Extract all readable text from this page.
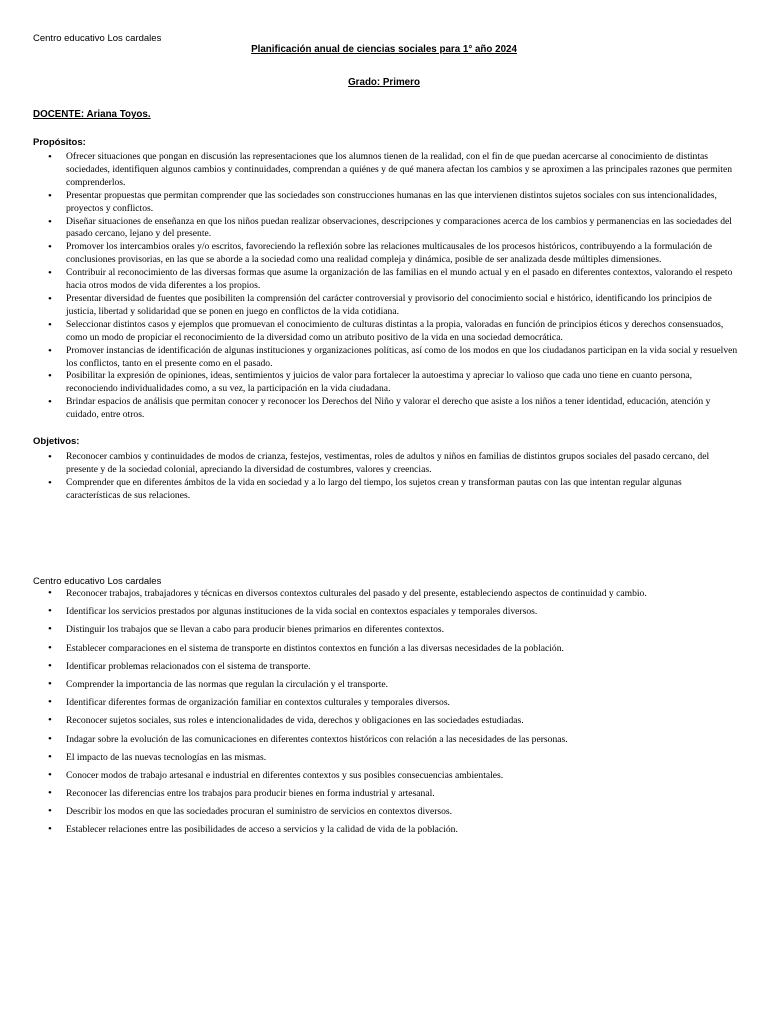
Centro educativo Los cardales
Planificación anual de ciencias sociales para 1° año 2024
Grado: Primero
DOCENTE: Ariana Toyos.
Propósitos:
• Ofrecer situaciones que pongan en discusión las representaciones que los alumnos tienen de la realidad, con el fin de que puedan acercarse al conocimiento de distintas sociedades, identifiquen algunos cambios y continuidades, comprendan a quiénes y de qué manera afectan los cambios y se aproximen a las principales razones que permiten comprenderlos.
• Presentar propuestas que permitan comprender que las sociedades son construcciones humanas en las que intervienen distintos sujetos sociales con sus intencionalidades, proyectos y conflictos.
• Diseñar situaciones de enseñanza en que los niños puedan realizar observaciones, descripciones y comparaciones acerca de los cambios y permanencias en las sociedades del pasado cercano, lejano y del presente.
• Promover los intercambios orales y/o escritos, favoreciendo la reflexión sobre las relaciones multicausales de los procesos históricos, contribuyendo a la formulación de conclusiones provisorias, en las que se aborde a la sociedad como una realidad compleja y dinámica, posible de ser analizada desde múltiples dimensiones.
• Contribuir al reconocimiento de las diversas formas que asume la organización de las familias en el mundo actual y en el pasado en diferentes contextos, valorando el respeto hacia otros modos de vida diferentes a los propios.
• Presentar diversidad de fuentes que posibiliten la comprensión del carácter controversial y provisorio del conocimiento social e histórico, identificando los principios de justicia, libertad y solidaridad que se ponen en juego en conflictos de la vida cotidiana.
• Seleccionar distintos casos y ejemplos que promuevan el conocimiento de culturas distintas a la propia, valoradas en función de principios éticos y derechos consensuados, como un modo de propiciar el reconocimiento de la diversidad como un atributo positivo de la vida en una sociedad democrática.
• Promover instancias de identificación de algunas instituciones y organizaciones políticas, así como de los modos en que los ciudadanos participan en la vida social y resuelven los conflictos, tanto en el presente como en el pasado.
• Posibilitar la expresión de opiniones, ideas, sentimientos y juicios de valor para fortalecer la autoestima y apreciar lo valioso que cada uno tiene en cuanto persona, reconociendo individualidades como, a su vez, la participación en la vida ciudadana.
• Brindar espacios de análisis que permitan conocer y reconocer los Derechos del Niño y valorar el derecho que asiste a los niños a tener identidad, educación, atención y cuidado, entre otros.
Objetivos:
• Reconocer cambios y continuidades de modos de crianza, festejos, vestimentas, roles de adultos y niños en familias de distintos grupos sociales del pasado cercano, del presente y de la sociedad colonial, apreciando la diversidad de costumbres, valores y creencias.
• Comprender que en diferentes ámbitos de la vida en sociedad y a lo largo del tiempo, los sujetos crean y transforman pautas con las que intentan regular algunas características de sus relaciones.
Centro educativo Los cardales
• Reconocer trabajos, trabajadores y técnicas en diversos contextos culturales del pasado y del presente, estableciendo aspectos de continuidad y cambio.
• Identificar los servicios prestados por algunas instituciones de la vida social en contextos espaciales y temporales diversos.
• Distinguir los trabajos que se llevan a cabo para producir bienes primarios en diferentes contextos.
• Establecer comparaciones en el sistema de transporte en distintos contextos en función a las diversas necesidades de la población.
• Identificar problemas relacionados con el sistema de transporte.
• Comprender la importancia de las normas que regulan la circulación y el transporte.
• Identificar diferentes formas de organización familiar en contextos culturales y temporales diversos.
• Reconocer sujetos sociales, sus roles e intencionalidades de vida, derechos y obligaciones en las sociedades estudiadas.
• Indagar sobre la evolución de las comunicaciones en diferentes contextos históricos con relación a las necesidades de las personas.
• El impacto de las nuevas tecnologías en las mismas.
• Conocer modos de trabajo artesanal e industrial en diferentes contextos y sus posibles consecuencias ambientales.
• Reconocer las diferencias entre los trabajos para producir bienes en forma industrial y artesanal.
• Describir los modos en que las sociedades procuran el suministro de servicios en contextos diversos.
• Establecer relaciones entre las posibilidades de acceso a servicios y la calidad de vida de la población.
